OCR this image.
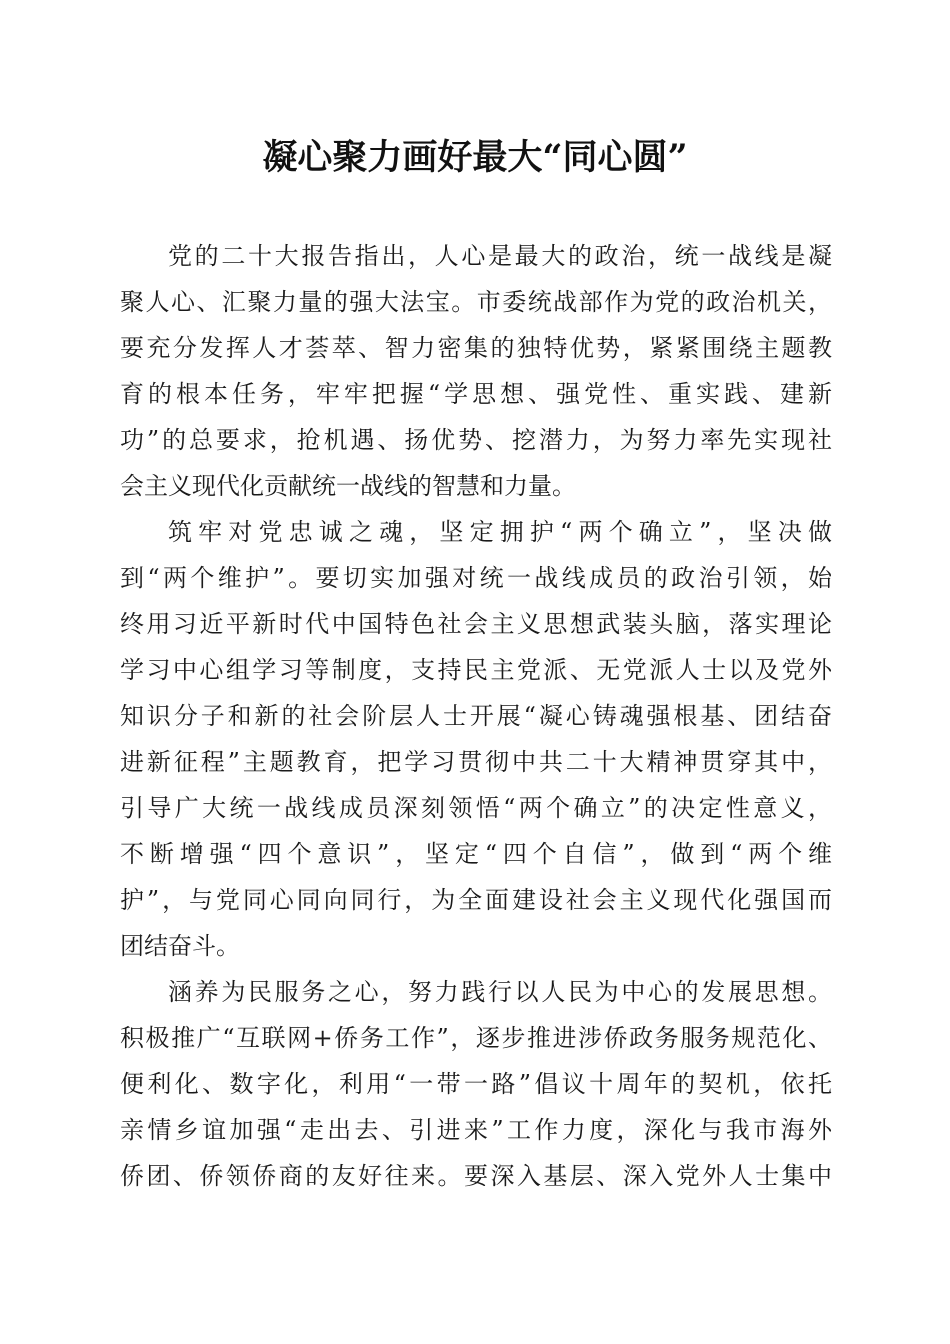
凝心聚力画好最大“同心圆”
党的二十大报告指出，人心是最大的政治，统一战线是凝
聚人心、汇聚力量的强大法宝。市委统战部作为党的政治机关，
要充分发挥人才荟萃、智力密集的独特优势，紧紧围绕主题教
育的根本任务，牢牢把握“学思想、强党性、重实践、建新
功”的总要求，抢机遇、扬优势、挖潜力，为努力率先实现社
会主义现代化贡献统一战线的智慧和力量。
筑牢对党忠诚之魂，坚定拥护“两个确立”，坚决做
到“两个维护”。要切实加强对统一战线成员的政治引领，始
终用习近平新时代中国特色社会主义思想武装头脑，落实理论
学习中心组学习等制度，支持民主党派、无党派人士以及党外
知识分子和新的社会阶层人士开展“凝心铸魂强根基、团结奋
进新征程”主题教育，把学习贯彻中共二十大精神贯穿其中，
引导广大统一战线成员深刻领悟“两个确立”的决定性意义，
不断增强“四个意识”，坚定“四个自信”，做到“两个维
护”，与党同心同向同行，为全面建设社会主义现代化强国而
团结奋斗。
涵养为民服务之心，努力践行以人民为中心的发展思想。
积极推广“互联网+侨务工作”，逐步推进涉侨政务服务规范化、
便利化、数字化，利用“一带一路”倡议十周年的契机，依托
亲情乡谊加强“走出去、引进来”工作力度，深化与我市海外
侨团、侨领侨商的友好往来。要深入基层、深入党外人士集中
